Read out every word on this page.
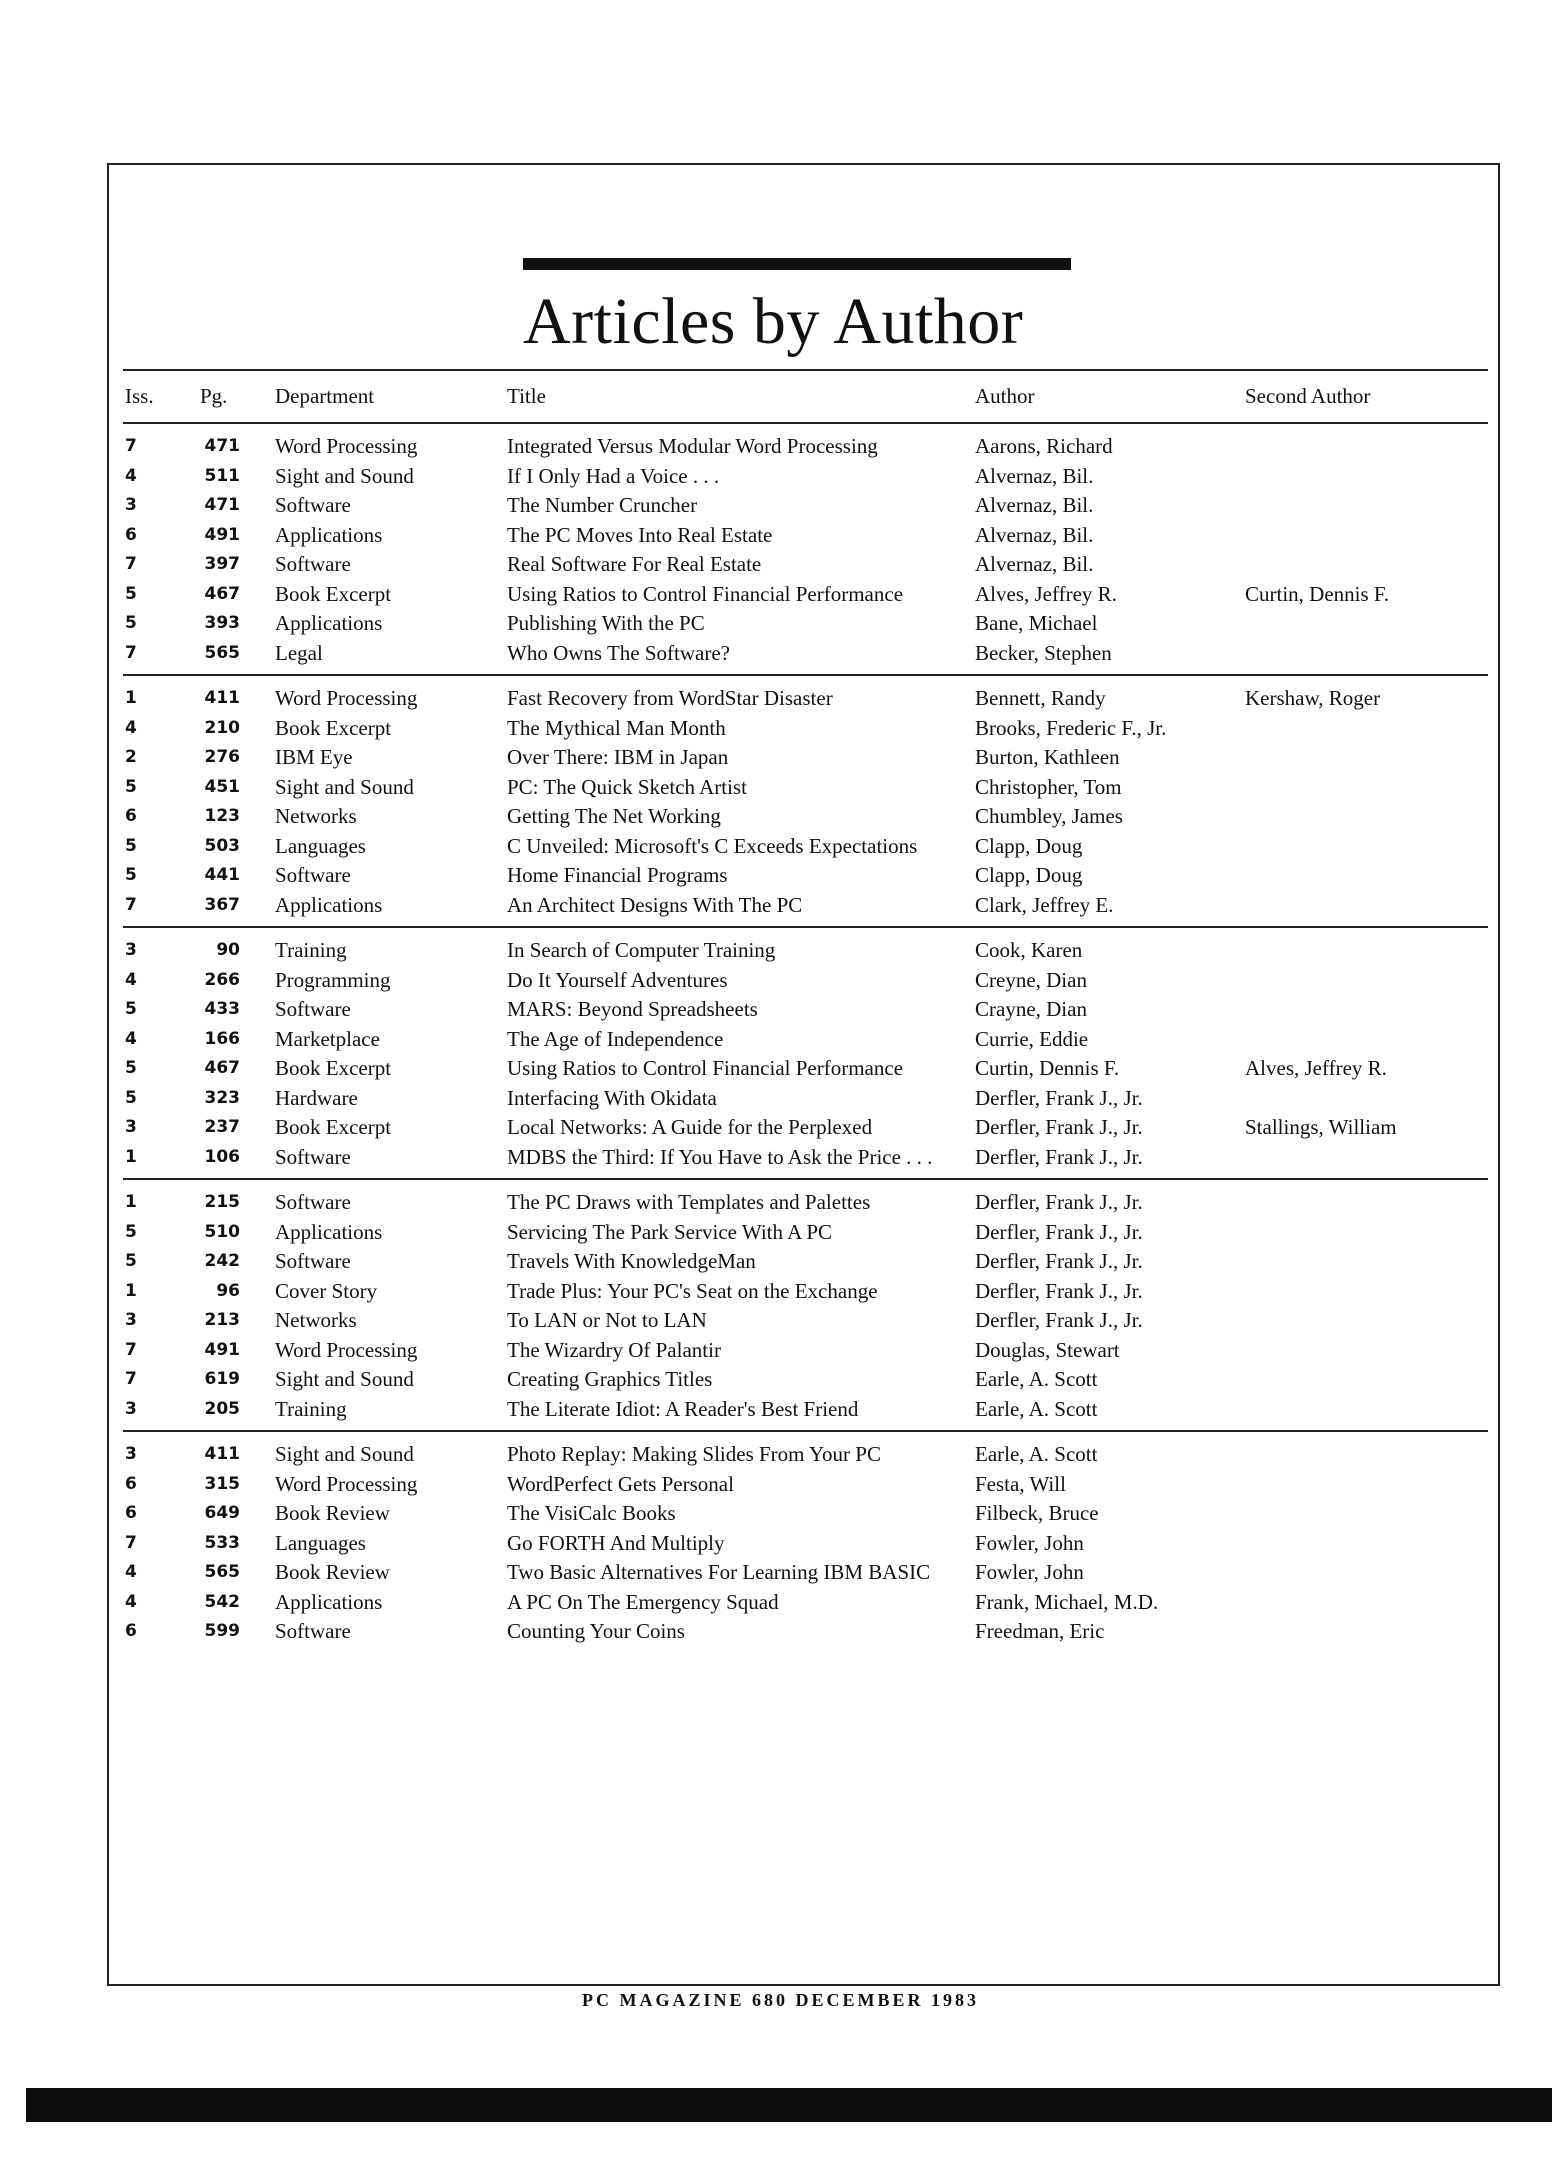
Articles by Author
Iss.	Pg.	Department	Title	Author	Second Author
7	471	Word Processing	Integrated Versus Modular Word Processing	Aarons, Richard
4	511	Sight and Sound	If I Only Had a Voice . . .	Alvernaz, Bil.
3	471	Software	The Number Cruncher	Alvernaz, Bil.
6	491	Applications	The PC Moves Into Real Estate	Alvernaz, Bil.
7	397	Software	Real Software For Real Estate	Alvernaz, Bil.
5	467	Book Excerpt	Using Ratios to Control Financial Performance	Alves, Jeffrey R.	Curtin, Dennis F.
5	393	Applications	Publishing With the PC	Bane, Michael
7	565	Legal	Who Owns The Software?	Becker, Stephen
1	411	Word Processing	Fast Recovery from WordStar Disaster	Bennett, Randy	Kershaw, Roger
4	210	Book Excerpt	The Mythical Man Month	Brooks, Frederic F., Jr.
2	276	IBM Eye	Over There: IBM in Japan	Burton, Kathleen
5	451	Sight and Sound	PC: The Quick Sketch Artist	Christopher, Tom
6	123	Networks	Getting The Net Working	Chumbley, James
5	503	Languages	C Unveiled: Microsoft's C Exceeds Expectations	Clapp, Doug
5	441	Software	Home Financial Programs	Clapp, Doug
7	367	Applications	An Architect Designs With The PC	Clark, Jeffrey E.
3	90	Training	In Search of Computer Training	Cook, Karen
4	266	Programming	Do It Yourself Adventures	Creyne, Dian
5	433	Software	MARS: Beyond Spreadsheets	Crayne, Dian
4	166	Marketplace	The Age of Independence	Currie, Eddie
5	467	Book Excerpt	Using Ratios to Control Financial Performance	Curtin, Dennis F.	Alves, Jeffrey R.
5	323	Hardware	Interfacing With Okidata	Derfler, Frank J., Jr.
3	237	Book Excerpt	Local Networks: A Guide for the Perplexed	Derfler, Frank J., Jr.	Stallings, William
1	106	Software	MDBS the Third: If You Have to Ask the Price . . .	Derfler, Frank J., Jr.
1	215	Software	The PC Draws with Templates and Palettes	Derfler, Frank J., Jr.
5	510	Applications	Servicing The Park Service With A PC	Derfler, Frank J., Jr.
5	242	Software	Travels With KnowledgeMan	Derfler, Frank J., Jr.
1	96	Cover Story	Trade Plus: Your PC's Seat on the Exchange	Derfler, Frank J., Jr.
3	213	Networks	To LAN or Not to LAN	Derfler, Frank J., Jr.
7	491	Word Processing	The Wizardry Of Palantir	Douglas, Stewart
7	619	Sight and Sound	Creating Graphics Titles	Earle, A. Scott
3	205	Training	The Literate Idiot: A Reader's Best Friend	Earle, A. Scott
3	411	Sight and Sound	Photo Replay: Making Slides From Your PC	Earle, A. Scott
6	315	Word Processing	WordPerfect Gets Personal	Festa, Will
6	649	Book Review	The VisiCalc Books	Filbeck, Bruce
7	533	Languages	Go FORTH And Multiply	Fowler, John
4	565	Book Review	Two Basic Alternatives For Learning IBM BASIC	Fowler, John
4	542	Applications	A PC On The Emergency Squad	Frank, Michael, M.D.
6	599	Software	Counting Your Coins	Freedman, Eric
PC MAGAZINE 680 DECEMBER 1983
